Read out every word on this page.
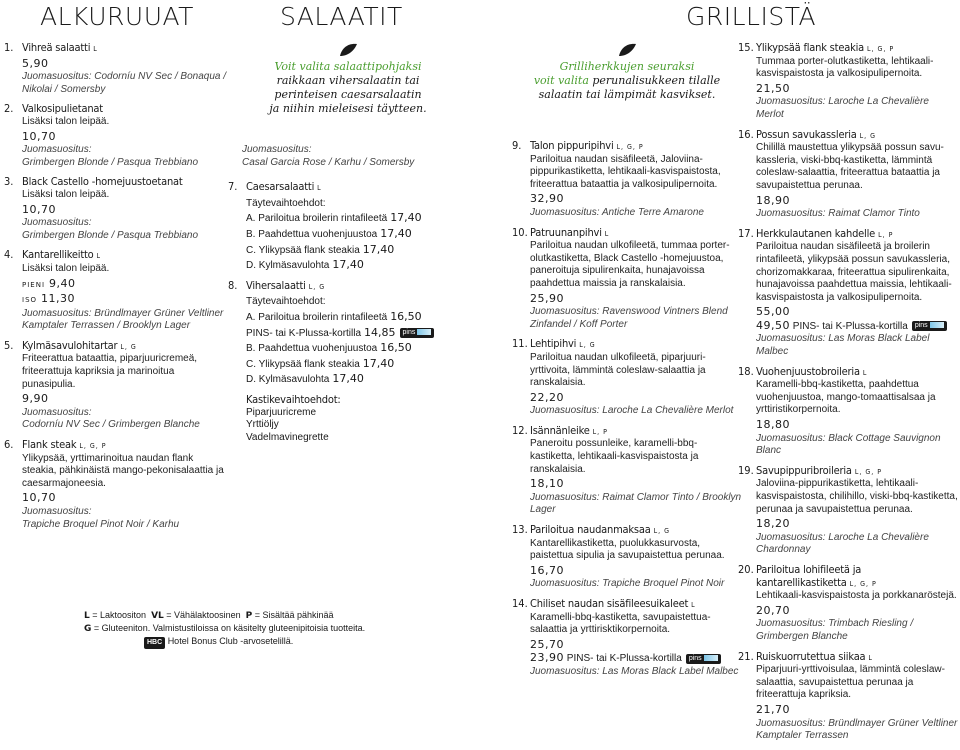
ALKURUUAT	SALAATIT	GRILLISTÄ
1. Vihreä salaatti L
5,90
Juomasuositus: Codorníu NV Sec / Bonaqua / Nikolai / Somersby
2. Valkosipulietanat
Lisäksi talon leipää.
10,70
Juomasuositus:
Grimbergen Blonde / Pasqua Trebbiano
3. Black Castello -homejuustoetanat
Lisäksi talon leipää.
10,70
Juomasuositus:
Grimbergen Blonde / Pasqua Trebbiano
4. Kantarellikeitto L
Lisäksi talon leipää.
PIENI 9,40
ISO 11,30
Juomasuositus: Bründlmayer Grüner Veltliner Kamptaler Terrassen / Brooklyn Lager
5. Kylmäsavulohitartar L, G
Friteerattua bataattia, piparjuuricremeä, friteerattuja kapriksia ja marinoitua punasipulia.
9,90
Juomasuositus:
Codorníu NV Sec / Grimbergen Blanche
6. Flank steak L, G, P
Ylikypsää, yrttimarinoitua naudan flank steakia, pähkinäistä mango-pekonisalaattia ja caesarmajoneesia.
10,70
Juomasuositus:
Trapiche Broquel Pinot Noir / Karhu
Voit valita salaattipohjaksi
raikkaan vihersalaatin tai
perinteisen caesarsalaatin
ja niihin mieleisesi täytteen.
Juomasuositus:
Casal Garcia Rose / Karhu / Somersby
7. Caesarsalaatti L
Täytevaihtoehdot:
A. Pariloitua broilerin rintafileetä 17,40
B. Paahdettua vuohenjuustoa 17,40
C. Ylikypsää flank steakia 17,40
D. Kylmäsavulohta 17,40
8. Vihersalaatti L, G
Täytevaihtoehdot:
A. Pariloitua broilerin rintafileetä 16,50
PINS- tai K-Plussa-kortilla 14,85 pins
B. Paahdettua vuohenjuustoa 16,50
C. Ylikypsää flank steakia 17,40
D. Kylmäsavulohta 17,40
Kastikevaihtoehdot:
Piparjuuricreme
Yrttiöljy
Vadelmavinegrette
Grilliherkkujen seuraksi
voit valita perunalisukkeen tilalle
salaatin tai lämpimät kasvikset.
9. Talon pippuripihvi L, G, P
Pariloitua naudan sisäfileetä, Jaloviina-pippurikastiketta, lehtikaali-kasvispaistosta, friteerattua bataattia ja valkosipulipernoita.
32,90
Juomasuositus: Antiche Terre Amarone
10. Patruunanpihvi L
Pariloitua naudan ulkofileetä, tummaa porter-olutkastiketta, Black Castello -homejuustoa, paneroituja sipulirenkaita, hunajavoissa paahdettua maissia ja ranskalaisia.
25,90
Juomasuositus: Ravenswood Vintners Blend Zinfandel / Koff Porter
11. Lehtipihvi L, G
Pariloitua naudan ulkofileetä, piparjuuri-yrttivoita, lämmintä coleslaw-salaattia ja ranskalaisia.
22,20
Juomasuositus: Laroche La Chevalière Merlot
12. Isännänleike L, P
Paneroitu possunleike, karamelli-bbq-kastiketta, lehtikaali-kasvispaistosta ja ranskalaisia.
18,10
Juomasuositus: Raimat Clamor Tinto / Brooklyn Lager
13. Pariloitua naudanmaksaa L, G
Kantarellikastiketta, puolukkasurvosta, paistettua sipulia ja savupaistettua perunaa.
16,70
Juomasuositus: Trapiche Broquel Pinot Noir
14. Chiliset naudan sisäfileesuikaleet L
Karamelli-bbq-kastiketta, savupaistettua-salaattia ja yrttirisktikorpernoita.
25,70
23,90 PINS- tai K-Plussa-kortilla pins
Juomasuositus: Las Moras Black Label Malbec
15. Ylikypsää flank steakia L, G, P
Tummaa porter-olutkastiketta, lehtikaali-kasvispaistosta ja valkosipulipernoita.
21,50
Juomasuositus: Laroche La Chevalière Merlot
16. Possun savukassleria L, G
Chilillä maustettua ylikypsää possun savu-kassleria, viski-bbq-kastiketta, lämmintä coleslaw-salaattia, friteerattua bataattia ja savupaistettua perunaa.
18,90
Juomasuositus: Raimat Clamor Tinto
17. Herkkulautanen kahdelle L, P
Pariloitua naudan sisäfileetä ja broilerin rintafileetä, ylikypsää possun savukassleria, chorizomakkaraa, friteerattua sipulirenkaita, hunajavoissa paahdettua maissia, lehtikaali-kasvispaistosta ja valkosipulipernoita.
55,00
49,50 PINS- tai K-Plussa-kortilla pins
Juomasuositus: Las Moras Black Label Malbec
18. Vuohenjuustobroileria L
Karamelli-bbq-kastiketta, paahdettua vuohenjuustoa, mango-tomaattisalsaa ja yrttiristikorpernoita.
18,80
Juomasuositus: Black Cottage Sauvignon Blanc
19. Savupippuribroileria L, G, P
Jaloviina-pippurikastiketta, lehtikaali-kasvispaistosta, chilihillo, viski-bbq-kastiketta, perunaa ja savupaistettua perunaa.
18,20
Juomasuositus: Laroche La Chevalière Chardonnay
20. Pariloitua lohifileetä ja kantarellikastiketta L, G, P
Lehtikaali-kasvispaistosta ja porkkanaröstejä.
20,70
Juomasuositus: Trimbach Riesling / Grimbergen Blanche
21. Ruiskuorrutettua siikaa L
Piparjuuri-yrttivoisulaa, lämmintä coleslaw-salaattia, savupaistettua perunaa ja friteerattuja kapriksia.
21,70
Juomasuositus: Bründlmayer Grüner Veltliner Kamptaler Terrassen
L = Laktoositon VL = Vähälaktoosinen P = Sisältää pähkinää
G = Gluteeniton. Valmistustiloissa on käsitelty gluteenipitoisia tuotteita.
HBC Hotel Bonus Club -arvosetelillä.
